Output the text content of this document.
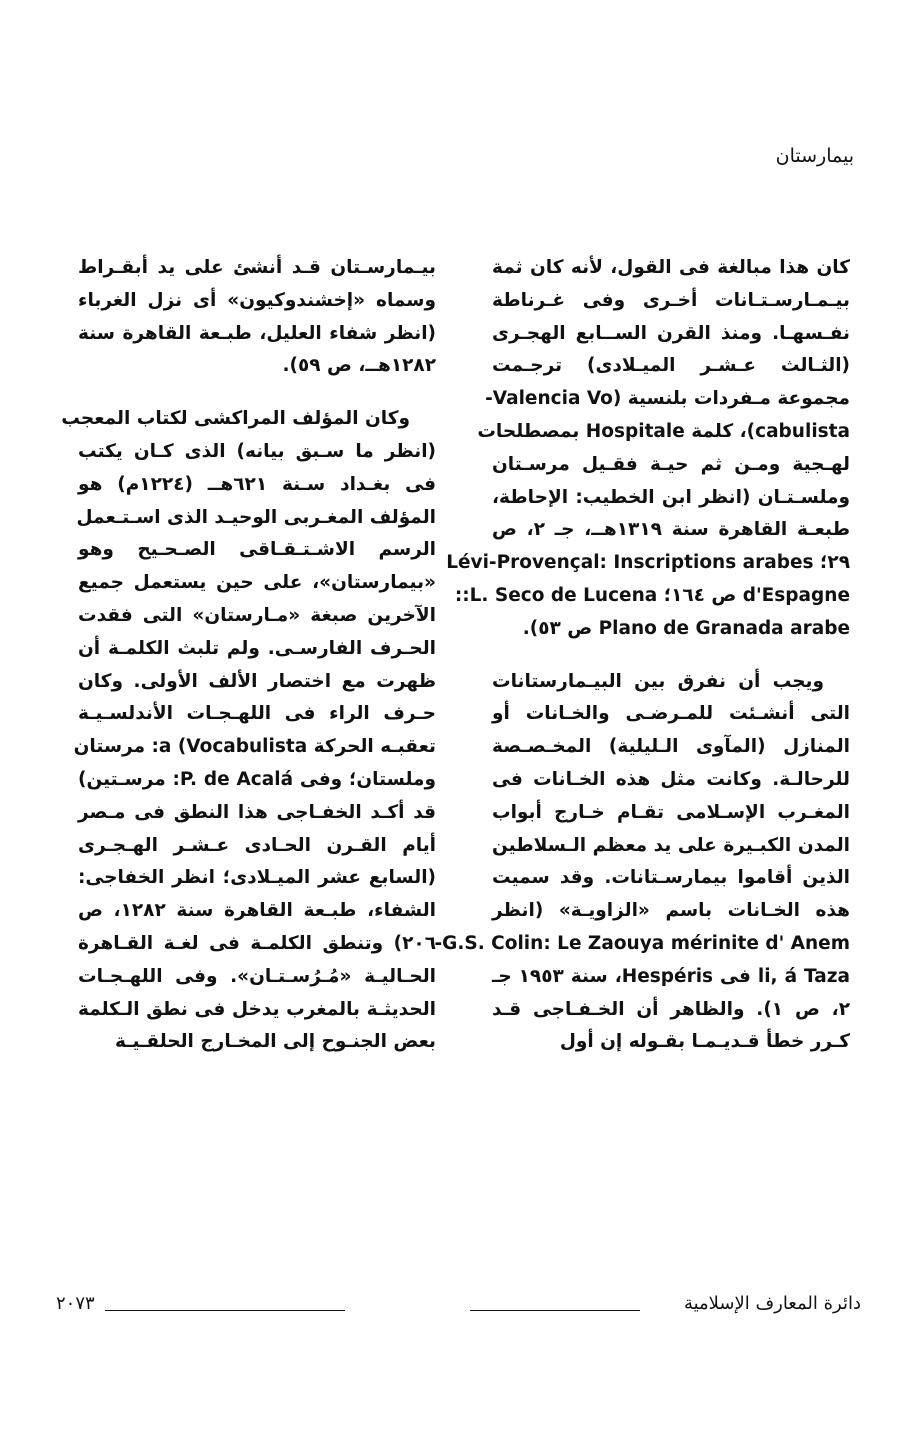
بيمارستان
كان هذا مبالغة فى القول، لأنه كان ثمة
بيـمـارسـتـانات أخـرى وفى غـرناطة
نفـسهـا. ومنذ القرن الســابع الهجـرى
(الثـالث عـشـر الميـلادى) ترجـمت
مجموعة مـفردات بلنسية (Valencia Vo-
cabulista)، كلمة Hospitale بمصطلحات
لهـجية ومـن ثم حيـة فقـيل مرسـتان
وملسـتـان (انظر ابن الخطيب: الإحاطة،
طبعـة القاهرة سنة ١٣١٩هــ، جـ ٢، ص
٢٩؛ Lévi-Provençal: Inscriptions arabes
d'Espagne ص ١٦٤؛ L. Seco de Lucena::
Plano de Granada arabe ص ٥٣).
ويجب أن نفرق بين البيـمارستانات
التى أنشـئت للمـرضـى والخـانات أو
المنازل (المآوى الـليلية) المخـصـصة
للرحالـة. وكانت مثل هذه الخـانات فى
المغـرب الإسـلامى تقـام خـارج أبواب
المدن الكبـيرة على يد معظم الـسلاطين
الذين أقاموا بيمارسـتانات. وقد سميت
هذه الخـانات باسم «الزاويـة» (انظر
G.S. Colin: Le Zaouya mérinite d' Anem-
li, á Taza فى Hespéris، سنة ١٩٥٣ جـ
٢، ص ١). والظاهر أن الخـفـاجى قـد
كـرر خطأ قـديـمـا بقـوله إن أول
بيـمارسـتان قـد أنشئ على يد أبقـراط
وسماه «إخشندوكيون» أى نزل الغرباء
(انظر شفاء العليل، طبـعة القاهرة سنة
١٢٨٢هــ، ص ٥٩).
وكان المؤلف المراكشى لكتاب المعجب
(انظر ما سـبق بيانه) الذى كـان يكتب
فى بغـداد سـنة ٦٢١هــ (١٢٢٤م) هو
المؤلف المغـربى الوحيـد الذى اسـتـعمل
الرسم الاشـتـقـاقى الصـحـيح وهو
«بيمارستان»، على حين يستعمل جميع
الآخرين صبغة «مـارستان» التى فقدت
الحـرف الفارسـى. ولم تلبث الكلمـة أن
ظهرت مع اختصار الألف الأولى. وكان
حـرف الراء فى اللهـجـات الأندلسـيـة
تعقبـه الحركة a (Vocabulista: مرستان
وملستان؛ وفى P. de Acalá: مرسـتين)
قد أكـد الخفـاجى هذا النطق فى مـصر
أيام القـرن الحـادى عـشـر الهـجـرى
(السابع عشر الميـلادى؛ انظر الخفاجى:
الشفاء، طبـعة القاهرة سنة ١٢٨٢، ص
٢٠٦) وتنطق الكلمـة فى لغـة القـاهرة
الحـاليـة «مُـرُسـتـان». وفى اللهـجـات
الحديثـة بالمغرب يدخل فى نطق الـكلمة
بعض الجنـوح إلى المخـارج الحلقـيـة
دائرة المعارف الإسلامية
٢٠٧٣
